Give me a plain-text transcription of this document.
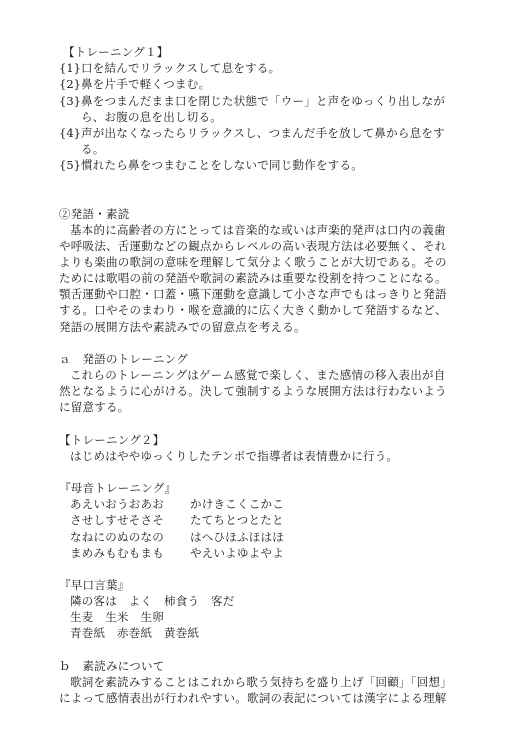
【トレーニング１】
{1} 口を結んでリラックスして息をする。
{2} 鼻を片手で軽くつまむ。
{3} 鼻をつまんだまま口を閉じた状態で「ウー」と声をゆっくり出しなが
ら、お腹の息を出し切る。
{4} 声が出なくなったらリラックスし、つまんだ手を放して鼻から息をす
る。
{5} 慣れたら鼻をつまむことをしないで同じ動作をする。
②発語・素読
基本的に高齢者の方にとっては音楽的な或いは声楽的発声は口内の義歯
や呼吸法、舌運動などの観点からレベルの高い表現方法は必要無く、それ
よりも楽曲の歌詞の意味を理解して気分よく歌うことが大切である。その
ためには歌唱の前の発語や歌詞の素読みは重要な役割を持つことになる。
顎舌運動や口腔・口蓋・嚥下運動を意識して小さな声でもはっきりと発語
する。口やそのまわり・喉を意識的に広く大きく動かして発語するなど、
発語の展開方法や素読みでの留意点を考える。
ａ　発語のトレーニング
これらのトレーニングはゲーム感覚で楽しく、また感情の移入表出が自
然となるように心がける。決して強制するような展開方法は行わないよう
に留意する。
【トレーニング２】
はじめはややゆっくりしたテンポで指導者は表情豊かに行う。
『母音トレーニング』
あえいおうおあお かけきこくこかこ
させしすせそさそ たてちとつとたと
なねにのぬのなの はへひほふほはほ
まめみもむもまも やえいよゆよやよ
『早口言葉』
隣の客は　よく　柿食う　客だ
生麦　生米　生卵
青巻紙　赤巻紙　黄巻紙
ｂ　素読みについて
歌詞を素読みすることはこれから歌う気持ちを盛り上げ「回顧」「回想」
によって感情表出が行われやすい。歌詞の表記については漢字による理解
